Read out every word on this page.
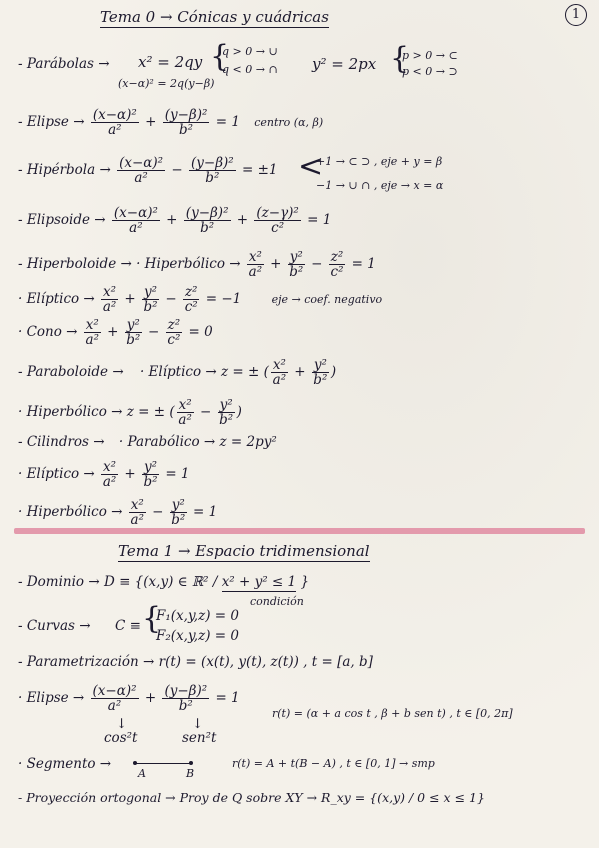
Tema 0 → Cónicas y cuádricas	1
- Parábolas → x² = 2qy {
q > 0 → ∪
q < 0 → ∩
(x−α)² = 2q(y−β)
y² = 2px {
p > 0 → ⊂
p < 0 → ⊃
- Elipse → $\frac{\text{(x−α)²}}{\text{a²}} + \frac{\text{(y−β)²}}{\text{b²}} = 1$ centro (α, β)
- Hipérbola → $\frac{\text{(x−α)²}}{\text{a²}} - \frac{\text{(y−β)²}}{\text{b²}} = \pm 1$ <
+1 → ⊂ ⊃ , eje + y = β
−1 → ∪ ∩ , eje → x = α
- Elipsoide → $\frac{\text{(x−α)²}}{\text{a²}} + \frac{\text{(y−β)²}}{\text{b²}} + \frac{\text{(z−γ)²}}{\text{c²}} = 1$
- Hiperboloide → · Hiperbólico → $\frac{\text{x²}}{\text{a²}} + \frac{\text{y²}}{\text{b²}} - \frac{\text{z²}}{\text{c²}} = 1$
· Elíptico → $\frac{\text{x²}}{\text{a²}} + \frac{\text{y²}}{\text{b²}} - \frac{\text{z²}}{\text{c²}} = -1$	eje → coef. negativo
· Cono → $\frac{\text{x²}}{\text{a²}} + \frac{\text{y²}}{\text{b²}} - \frac{\text{z²}}{\text{c²}} = 0$
- Paraboloide → · Elíptico → z = ± ( $\frac{\text{x²}}{\text{a²}} + \frac{\text{y²}}{\text{b²}}$ )
· Hiperbólico → z = ± ( $\frac{\text{x²}}{\text{a²}} - \frac{\text{y²}}{\text{b²}}$ )
- Cilindros → · Parabólico → z = 2py²
· Elíptico → $\frac{\text{x²}}{\text{a²}} + \frac{\text{y²}}{\text{b²}} = 1$
· Hiperbólico → $\frac{\text{x²}}{\text{a²}} - \frac{\text{y²}}{\text{b²}} = 1$
Tema 1 → Espacio tridimensional
- Dominio → D ≡ {(x,y) ∈ ℝ² / x² + y² ≤ 1 }
condición
- Curvas → C ≡ {
F₁(x,y,z) = 0
F₂(x,y,z) = 0
- Parametrización → r(t) = (x(t), y(t), z(t)) , t = [a, b]
· Elipse → $\frac{\text{(x−α)²}}{\text{a²}} + \frac{\text{(y−β)²}}{\text{b²}} = 1$
↓	↓
cos²t	sen²t
r(t) = (α + a cos t , β + b sen t) , t ∈ [0, 2π]
· Segmento →
A	B
r(t) = A + t(B − A) , t ∈ [0, 1] → smp
- Proyección ortogonal → Proy de Q sobre XY → R_xy = {(x,y) / 0 ≤ x ≤ 1}
